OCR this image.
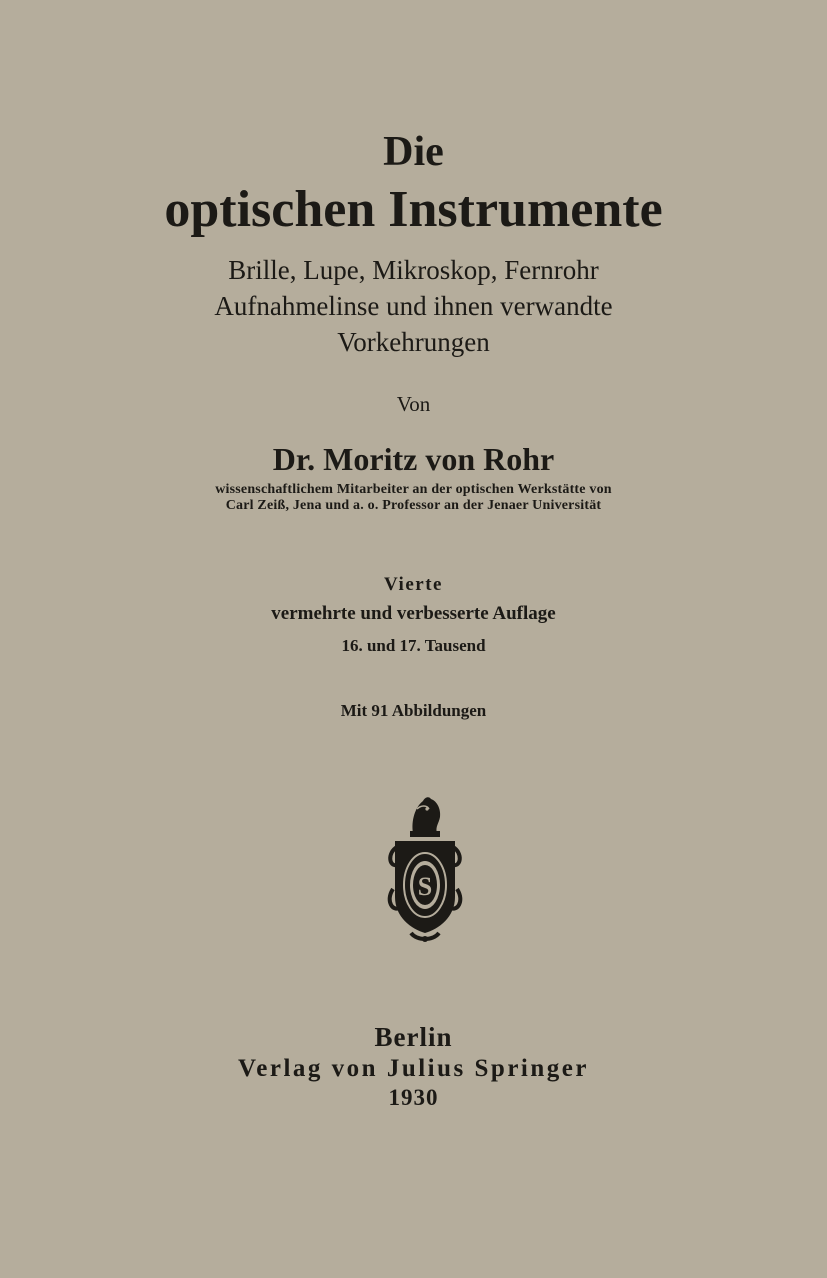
Die
optischen Instrumente
Brille, Lupe, Mikroskop, Fernrohr
Aufnahmelinse und ihnen verwandte
Vorkehrungen
Von
Dr. Moritz von Rohr
wissenschaftlichem Mitarbeiter an der optischen Werkstätte von
Carl Zeiß, Jena und a. o. Professor an der Jenaer Universität
Vierte
vermehrte und verbesserte Auflage
16. und 17. Tausend
Mit 91 Abbildungen
S
Berlin
Verlag von Julius Springer
1930
